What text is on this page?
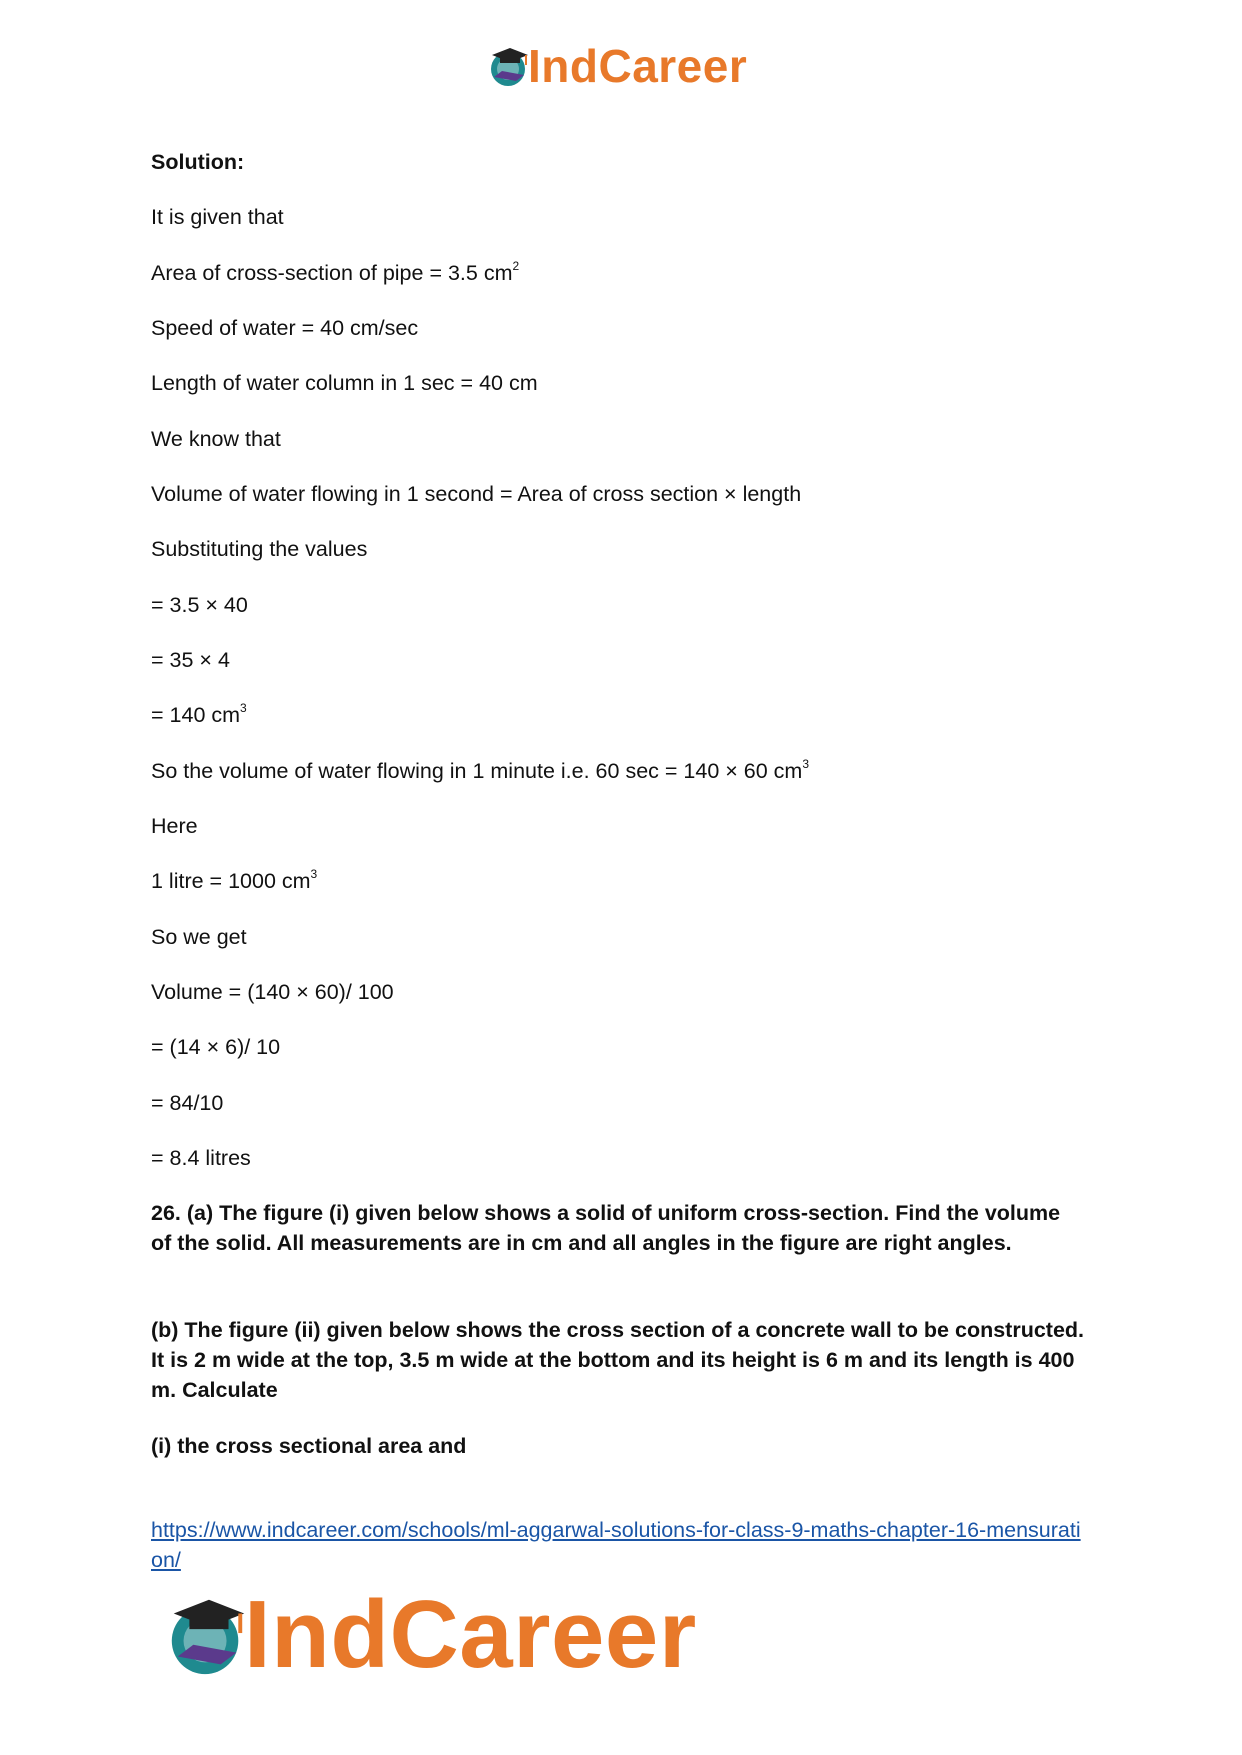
IndCareer
Solution:
It is given that
Area of cross-section of pipe = 3.5 $cm^2$
Speed of water = 40 cm/sec
Length of water column in 1 sec = 40 cm
We know that
Volume of water flowing in 1 second = Area of cross section × length
Substituting the values
= 3.5 × 40
= 35 × 4
= 140 $cm^3$
So the volume of water flowing in 1 minute i.e. 60 sec = 140 × 60 $cm^3$
Here
1 litre = 1000 $cm^3$
So we get
Volume = (140 × 60)/ 100
= (14 × 6)/ 10
= 84/10
= 8.4 litres
26. (a) The figure (i) given below shows a solid of uniform cross-section. Find the volume of the solid. All measurements are in cm and all angles in the figure are right angles.
(b) The figure (ii) given below shows the cross section of a concrete wall to be constructed. It is 2 m wide at the top, 3.5 m wide at the bottom and its height is 6 m and its length is 400 m. Calculate
(i) the cross sectional area and
https://www.indcareer.com/schools/ml-aggarwal-solutions-for-class-9-maths-chapter-16-mensuration/
IndCareer
